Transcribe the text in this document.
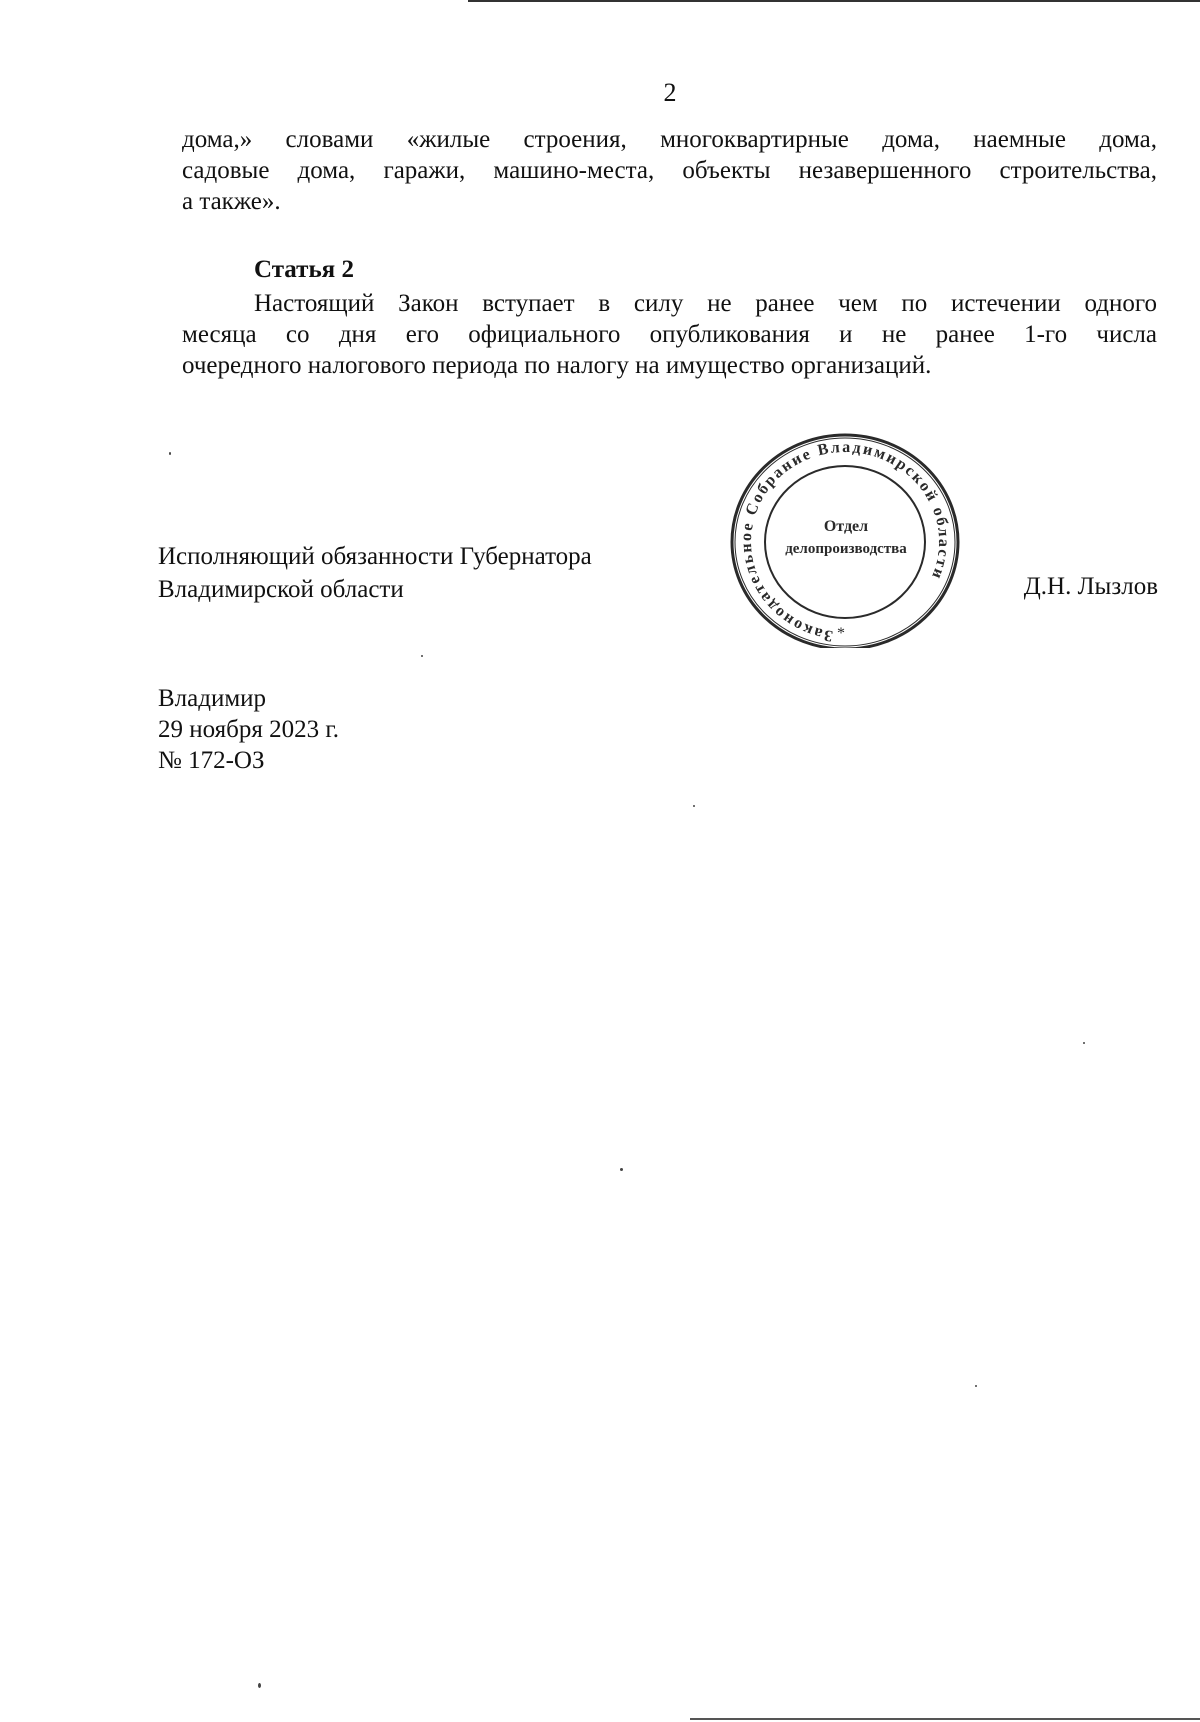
2
дома,» словами «жилые строения, многоквартирные дома, наемные дома,
садовые дома, гаражи, машино-места, объекты незавершенного строительства,
а также».
Статья 2
Настоящий Закон вступает в силу не ранее чем по истечении одного
месяца со дня его официального опубликования и не ранее 1-го числа
очередного налогового периода по налогу на имущество организаций.
Исполняющий обязанности Губернатора
Владимирской области	Д.Н. Лызлов
Законодательное Собрание Владимирской области
Отдел
делопроизводства
*
Владимир
29 ноября 2023 г.
№ 172-ОЗ
